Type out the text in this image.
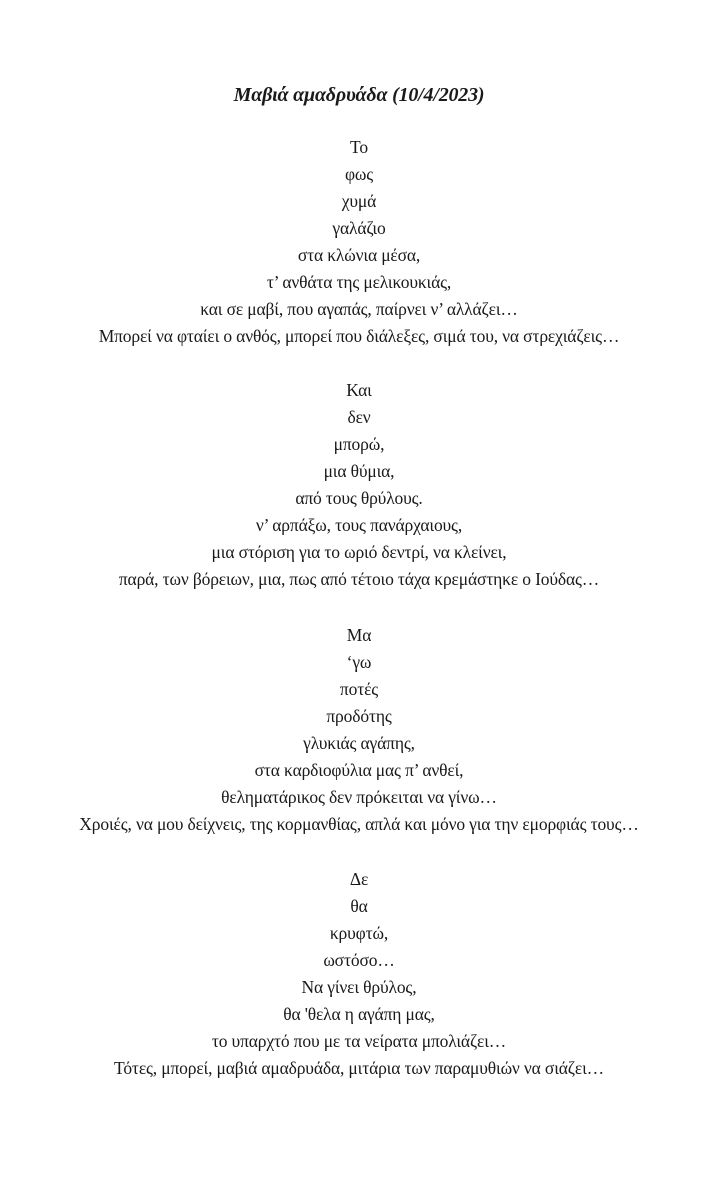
Μαβιά αμαδρυάδα (10/4/2023)
Το
φως
χυμά
γαλάζιο
στα κλώνια μέσα,
τ’ ανθάτα της μελικουκιάς,
και σε μαβί, που αγαπάς, παίρνει ν’ αλλάζει…
Μπορεί να φταίει ο ανθός, μπορεί που διάλεξες, σιμά του, να στρεχιάζεις…
Και
δεν
μπορώ,
μια θύμια,
από τους θρύλους.
ν’ αρπάξω, τους πανάρχαιους,
μια στόριση για το ωριό δεντρί, να κλείνει,
παρά, των βόρειων, μια, πως από τέτοιο τάχα κρεμάστηκε ο Ιούδας…
Μα
‘γω
ποτές
προδότης
γλυκιάς αγάπης,
στα καρδιοφύλια μας π’ ανθεί,
θεληματάρικος δεν πρόκειται να γίνω…
Χροιές, να μου δείχνεις, της κορμανθίας, απλά και μόνο για την εμορφιάς τους…
Δε
θα
κρυφτώ,
ωστόσο…
Να γίνει θρύλος,
θα 'θελα η αγάπη μας,
το υπαρχτό που με τα νείρατα μπολιάζει…
Τότες, μπορεί, μαβιά αμαδρυάδα, μιτάρια των παραμυθιών να σιάζει…
